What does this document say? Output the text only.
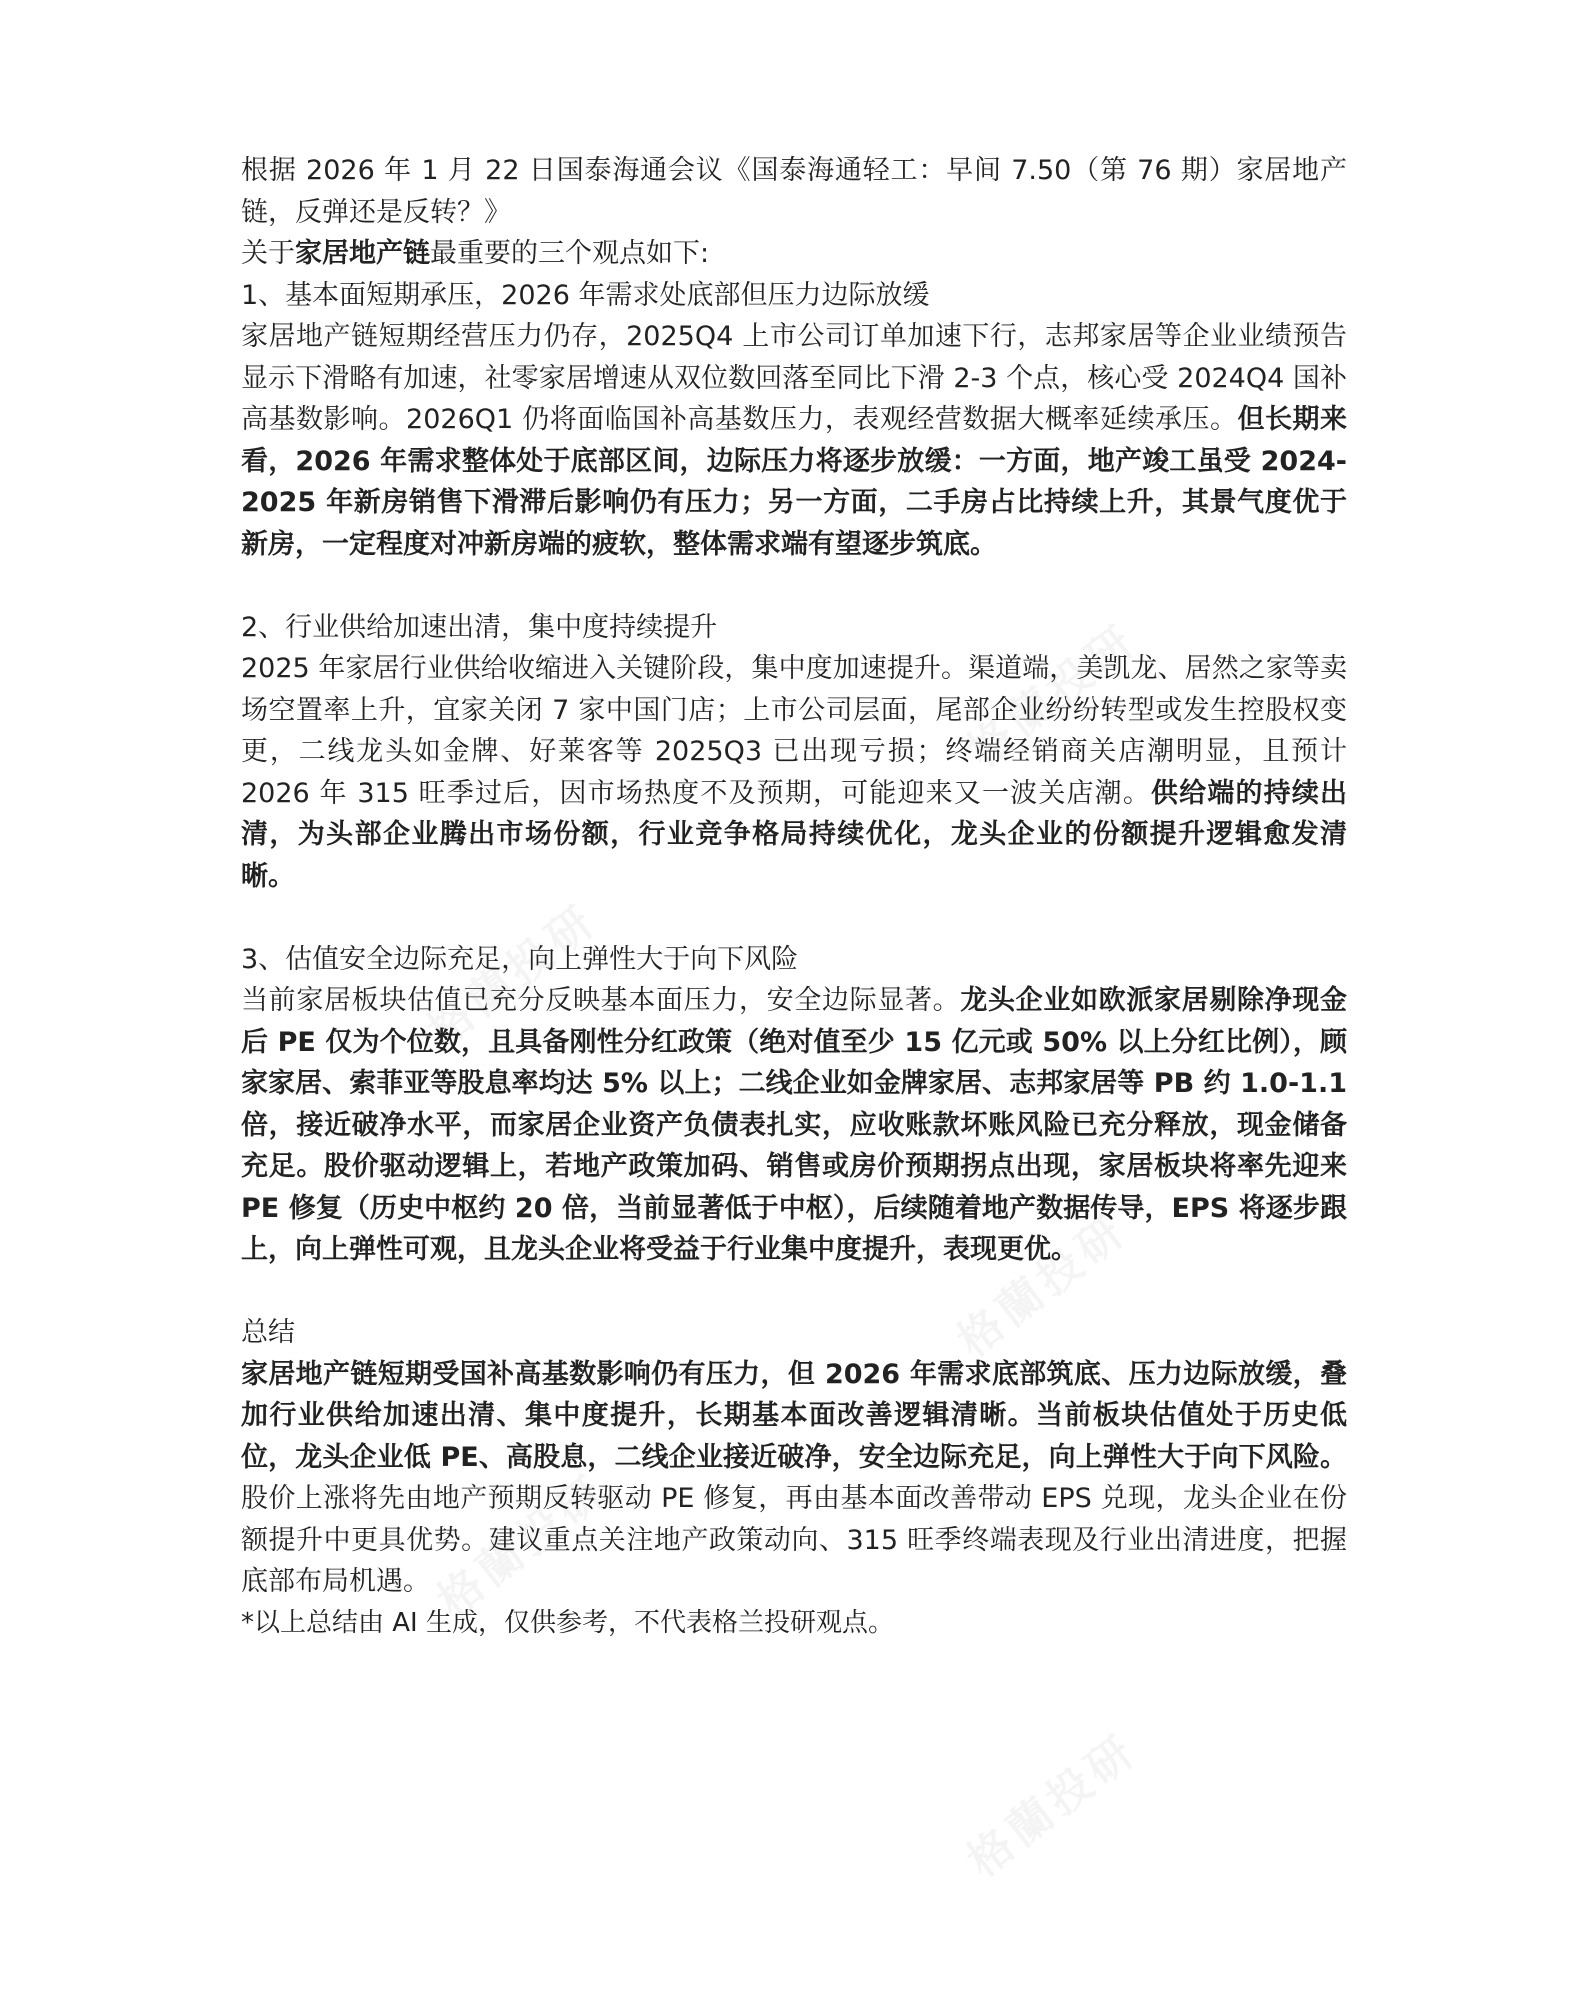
根据 2026 年 1 月 22 日国泰海通会议《国泰海通轻工：早间 7.50（第 76 期）家居地产链，反弹还是反转？》

关于家居地产链最重要的三个观点如下:

1、基本面短期承压，2026 年需求处底部但压力边际放缓

家居地产链短期经营压力仍存，2025Q4 上市公司订单加速下行，志邦家居等企业业绩预告显示下滑略有加速，社零家居增速从双位数回落至同比下滑 2-3 个点，核心受 2024Q4 国补高基数影响。2026Q1 仍将面临国补高基数压力，表观经营数据大概率延续承压。但长期来看，2026 年需求整体处于底部区间，边际压力将逐步放缓：一方面，地产竣工虽受 2024-2025 年新房销售下滑滞后影响仍有压力；另一方面，二手房占比持续上升，其景气度优于新房，一定程度对冲新房端的疲软，整体需求端有望逐步筑底。

2、行业供给加速出清，集中度持续提升

2025 年家居行业供给收缩进入关键阶段，集中度加速提升。渠道端，美凯龙、居然之家等卖场空置率上升，宜家关闭 7 家中国门店；上市公司层面，尾部企业纷纷转型或发生控股权变更，二线龙头如金牌、好莱客等 2025Q3 已出现亏损；终端经销商关店潮明显，且预计 2026 年 315 旺季过后，因市场热度不及预期，可能迎来又一波关店潮。供给端的持续出清，为头部企业腾出市场份额，行业竞争格局持续优化，龙头企业的份额提升逻辑愈发清晰。

3、估值安全边际充足，向上弹性大于向下风险

当前家居板块估值已充分反映基本面压力，安全边际显著。龙头企业如欧派家居剔除净现金后 PE 仅为个位数，且具备刚性分红政策（绝对值至少 15 亿元或 50% 以上分红比例），顾家家居、索菲亚等股息率均达 5% 以上；二线企业如金牌家居、志邦家居等 PB 约 1.0-1.1 倍，接近破净水平，而家居企业资产负债表扎实，应收账款坏账风险已充分释放，现金储备充足。股价驱动逻辑上，若地产政策加码、销售或房价预期拐点出现，家居板块将率先迎来 PE 修复（历史中枢约 20 倍，当前显著低于中枢），后续随着地产数据传导，EPS 将逐步跟上，向上弹性可观，且龙头企业将受益于行业集中度提升，表现更优。

总结

家居地产链短期受国补高基数影响仍有压力，但 2026 年需求底部筑底、压力边际放缓，叠加行业供给加速出清、集中度提升，长期基本面改善逻辑清晰。当前板块估值处于历史低位，龙头企业低 PE、高股息，二线企业接近破净，安全边际充足，向上弹性大于向下风险。股价上涨将先由地产预期反转驱动 PE 修复，再由基本面改善带动 EPS 兑现，龙头企业在份额提升中更具优势。建议重点关注地产政策动向、315 旺季终端表现及行业出清进度，把握底部布局机遇。

*以上总结由 AI 生成，仅供参考，不代表格兰投研观点。
